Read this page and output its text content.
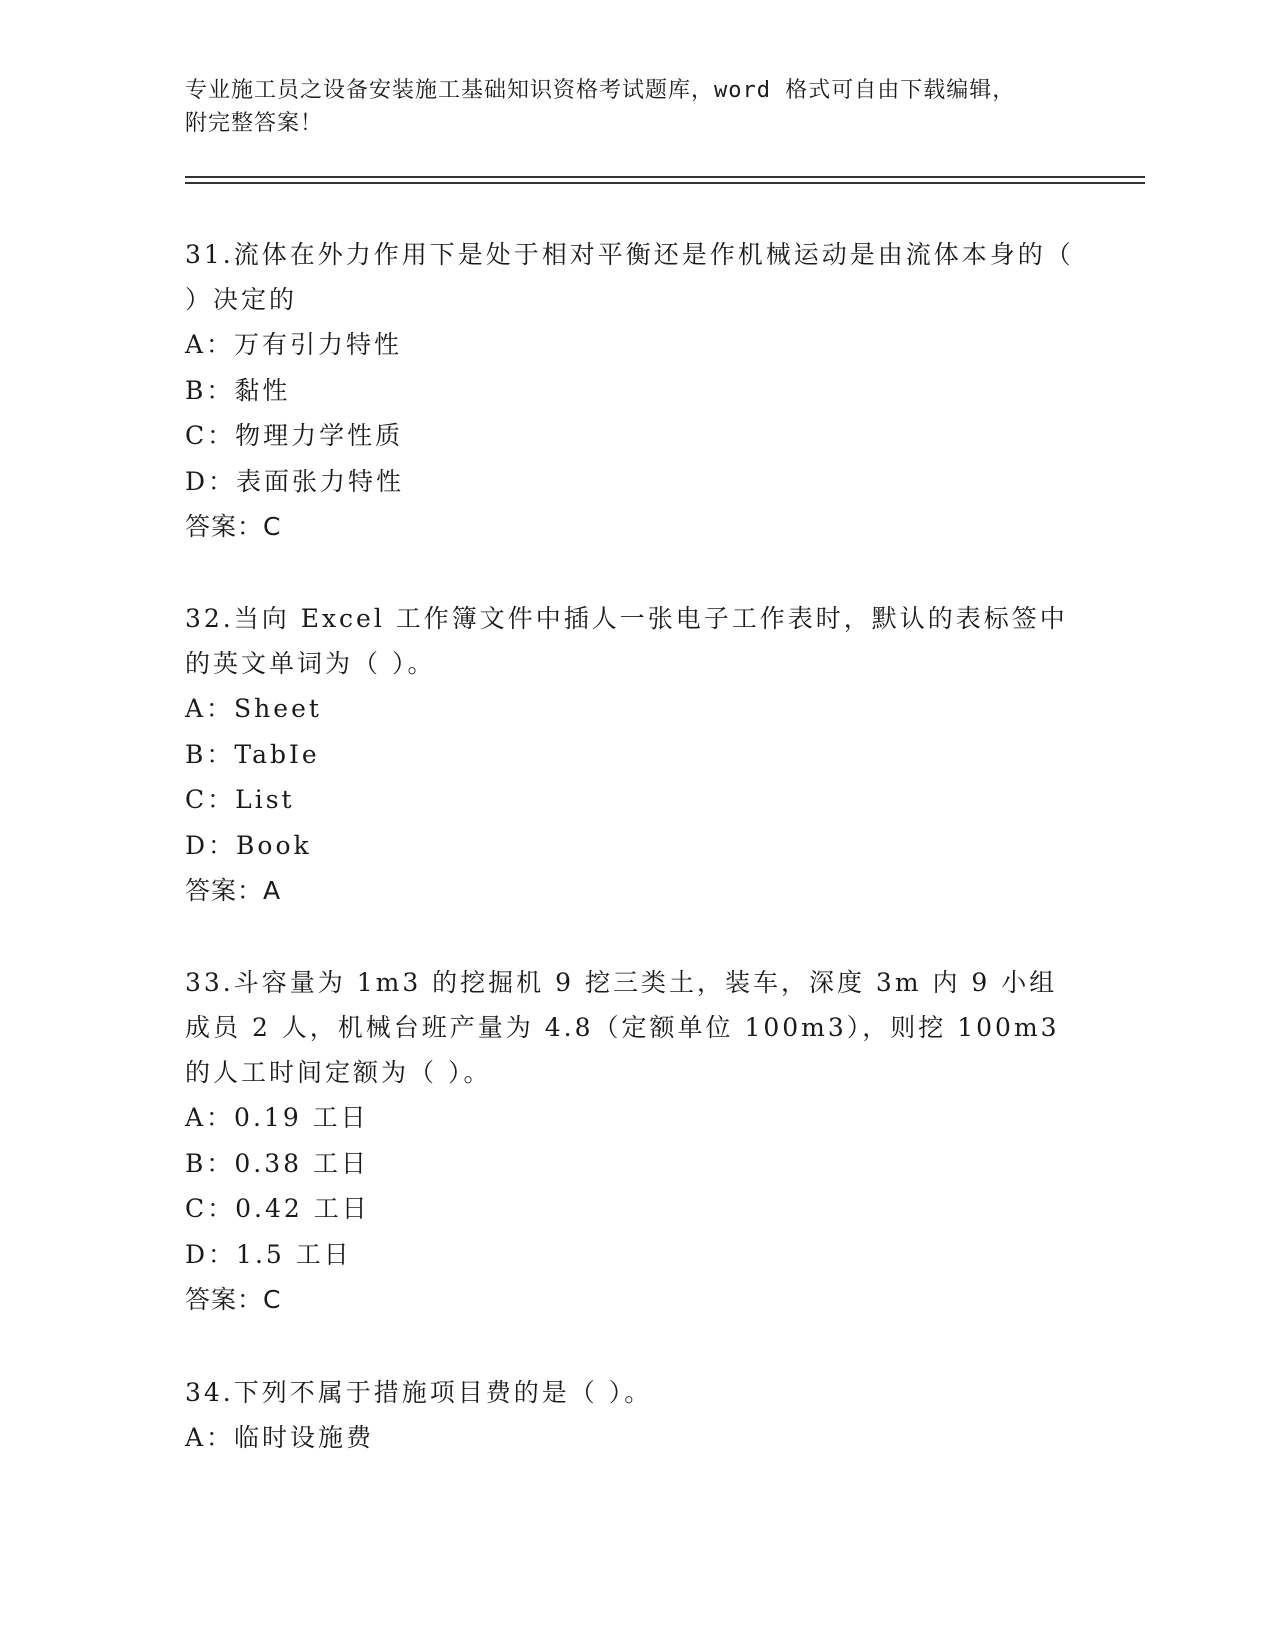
专业施工员之设备安装施工基础知识资格考试题库，word 格式可自由下载编辑，
附完整答案！

31.流体在外力作用下是处于相对平衡还是作机械运动是由流体本身的（ ）决定的

A：万有引力特性

B：黏性

C：物理力学性质

D：表面张力特性

答案：C

32.当向 Excel 工作簿文件中插人一张电子工作表时，默认的表标签中的英文单词为（ ）。

A：Sheet

B：TabIe

C：List

D：Book

答案：A

33.斗容量为 1m3 的挖掘机 9 挖三类土，装车，深度 3m 内 9 小组成员 2 人，机械台班产量为 4.8（定额单位 100m3），则挖 100m3 的人工时间定额为（ ）。

A：0.19 工日

B：0.38 工日

C：0.42 工日

D：1.5 工日

答案：C

34.下列不属于措施项目费的是（ ）。

A：临时设施费
